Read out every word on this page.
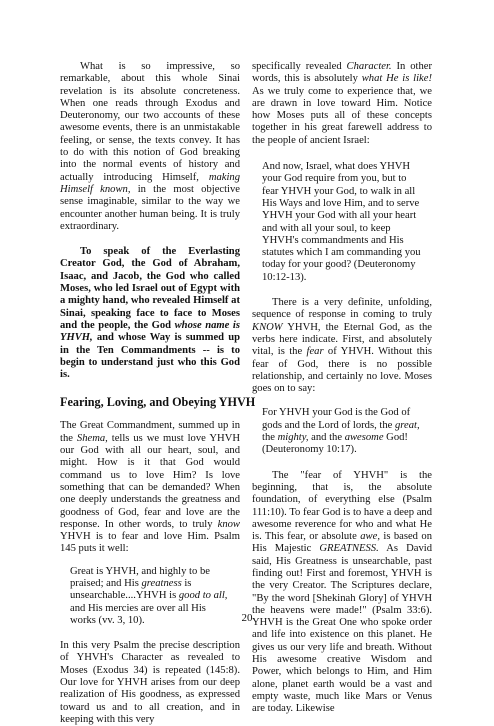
What is so impressive, so remarkable, about this whole Sinai revelation is its absolute concreteness. When one reads through Exodus and Deuteronomy, our two accounts of these awesome events, there is an unmistakable feeling, or sense, the texts convey. It has to do with this notion of God breaking into the normal events of history and actually introducing Himself, making Himself known, in the most objective sense imaginable, similar to the way we encounter another human being. It is truly extraordinary.

To speak of the Everlasting Creator God, the God of Abraham, Isaac, and Jacob, the God who called Moses, who led Israel out of Egypt with a mighty hand, who revealed Himself at Sinai, speaking face to face to Moses and the people, the God whose name is YHVH, and whose Way is summed up in the Ten Commandments -- is to begin to understand just who this God is.

Fearing, Loving, and Obeying YHVH

The Great Commandment, summed up in the Shema, tells us we must love YHVH our God with all our heart, soul, and might. How is it that God would command us to love Him? Is love something that can be demanded? When one deeply understands the greatness and goodness of God, fear and love are the response. In other words, to truly know YHVH is to fear and love Him. Psalm 145 puts it well:

Great is YHVH, and highly to be praised; and His greatness is unsearchable....YHVH is good to all, and His mercies are over all His works (vv. 3, 10).

In this very Psalm the precise description of YHVH's Character as revealed to Moses (Exodus 34) is repeated (145:8). Our love for YHVH arises from our deep realization of His goodness, as expressed toward us and to all creation, and in keeping with this very

specifically revealed Character. In other words, this is absolutely what He is like! As we truly come to experience that, we are drawn in love toward Him. Notice how Moses puts all of these concepts together in his great farewell address to the people of ancient Israel:

And now, Israel, what does YHVH your God require from you, but to fear YHVH your God, to walk in all His Ways and love Him, and to serve YHVH your God with all your heart and with all your soul, to keep YHVH's commandments and His statutes which I am commanding you today for your good? (Deuteronomy 10:12-13).

There is a very definite, unfolding, sequence of response in coming to truly KNOW YHVH, the Eternal God, as the verbs here indicate. First, and absolutely vital, is the fear of YHVH. Without this fear of God, there is no possible relationship, and certainly no love. Moses goes on to say:

For YHVH your God is the God of gods and the Lord of lords, the great, the mighty, and the awesome God! (Deuteronomy 10:17).

The "fear of YHVH" is the beginning, that is, the absolute foundation, of everything else (Psalm 111:10). To fear God is to have a deep and awesome reverence for who and what He is. This fear, or absolute awe, is based on His Majestic GREATNESS. As David said, His Greatness is unsearchable, past finding out! First and foremost, YHVH is the very Creator. The Scriptures declare, "By the word [Shekinah Glory] of YHVH the heavens were made!" (Psalm 33:6). YHVH is the Great One who spoke order and life into existence on this planet. He gives us our very life and breath. Without His awesome creative Wisdom and Power, which belongs to Him, and Him alone, planet earth would be a vast and empty waste, much like Mars or Venus are today. Likewise

20
